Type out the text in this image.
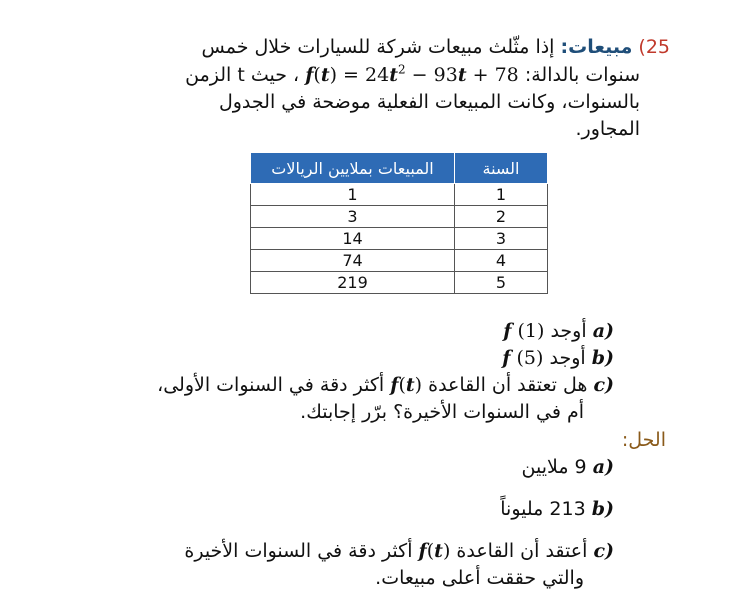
25) مبيعات: إذا مثّلث مبيعات شركة للسيارات خلال خمس
سنوات بالدالة: $f(t) = 24t^2 - 93t + 78$ ، حيث t الزمن
بالسنوات، وكانت المبيعات الفعلية موضحة في الجدول
المجاور.
السنة	المبيعات بملايين الريالات
1	1
2	3
3	14
4	74
5	219
a) أوجد f (1)
b) أوجد f (5)
c) هل تعتقد أن القاعدة f(t) أكثر دقة في السنوات الأولى،
أم في السنوات الأخيرة؟ برّر إجابتك.
الحل:
a) 9 ملايين
b) 213 مليوناً
c) أعتقد أن القاعدة f(t) أكثر دقة في السنوات الأخيرة
والتي حققت أعلى مبيعات.
